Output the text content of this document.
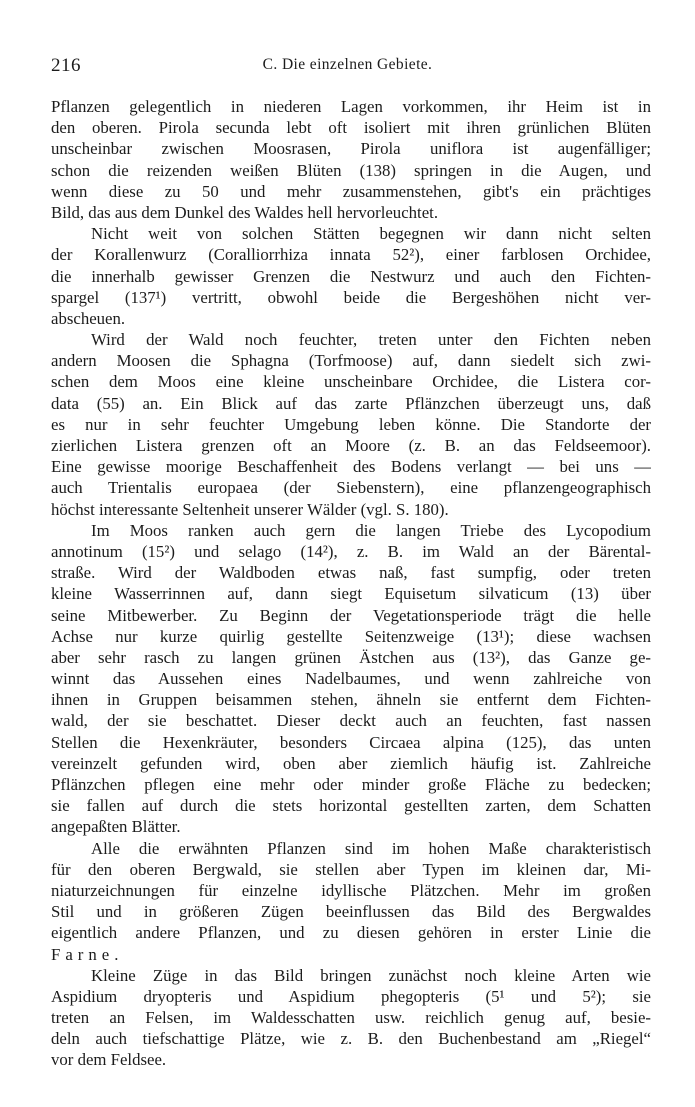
216	C. Die einzelnen Gebiete.
Pflanzen gelegentlich in niederen Lagen vorkommen, ihr Heim ist in
den oberen. Pirola secunda lebt oft isoliert mit ihren grünlichen Blüten
unscheinbar zwischen Moosrasen, Pirola uniflora ist augenfälliger;
schon die reizenden weißen Blüten (138) springen in die Augen, und
wenn diese zu 50 und mehr zusammenstehen, gibt's ein prächtiges
Bild, das aus dem Dunkel des Waldes hell hervorleuchtet.
Nicht weit von solchen Stätten begegnen wir dann nicht selten
der Korallenwurz (Coralliorrhiza innata 52²), einer farblosen Orchidee,
die innerhalb gewisser Grenzen die Nestwurz und auch den Fichten-
spargel (137¹) vertritt, obwohl beide die Bergeshöhen nicht ver-
abscheuen.
Wird der Wald noch feuchter, treten unter den Fichten neben
andern Moosen die Sphagna (Torfmoose) auf, dann siedelt sich zwi-
schen dem Moos eine kleine unscheinbare Orchidee, die Listera cor-
data (55) an. Ein Blick auf das zarte Pflänzchen überzeugt uns, daß
es nur in sehr feuchter Umgebung leben könne. Die Standorte der
zierlichen Listera grenzen oft an Moore (z. B. an das Feldseemoor).
Eine gewisse moorige Beschaffenheit des Bodens verlangt — bei uns —
auch Trientalis europaea (der Siebenstern), eine pflanzengeographisch
höchst interessante Seltenheit unserer Wälder (vgl. S. 180).
Im Moos ranken auch gern die langen Triebe des Lycopodium
annotinum (15²) und selago (14²), z. B. im Wald an der Bärental-
straße. Wird der Waldboden etwas naß, fast sumpfig, oder treten
kleine Wasserrinnen auf, dann siegt Equisetum silvaticum (13) über
seine Mitbewerber. Zu Beginn der Vegetationsperiode trägt die helle
Achse nur kurze quirlig gestellte Seitenzweige (13¹); diese wachsen
aber sehr rasch zu langen grünen Ästchen aus (13²), das Ganze ge-
winnt das Aussehen eines Nadelbaumes, und wenn zahlreiche von
ihnen in Gruppen beisammen stehen, ähneln sie entfernt dem Fichten-
wald, der sie beschattet. Dieser deckt auch an feuchten, fast nassen
Stellen die Hexenkräuter, besonders Circaea alpina (125), das unten
vereinzelt gefunden wird, oben aber ziemlich häufig ist. Zahlreiche
Pflänzchen pflegen eine mehr oder minder große Fläche zu bedecken;
sie fallen auf durch die stets horizontal gestellten zarten, dem Schatten
angepaßten Blätter.
Alle die erwähnten Pflanzen sind im hohen Maße charakteristisch
für den oberen Bergwald, sie stellen aber Typen im kleinen dar, Mi-
niaturzeichnungen für einzelne idyllische Plätzchen. Mehr im großen
Stil und in größeren Zügen beeinflussen das Bild des Bergwaldes
eigentlich andere Pflanzen, und zu diesen gehören in erster Linie die
Farne.
Kleine Züge in das Bild bringen zunächst noch kleine Arten wie
Aspidium dryopteris und Aspidium phegopteris (5¹ und 5²); sie
treten an Felsen, im Waldesschatten usw. reichlich genug auf, besie-
deln auch tiefschattige Plätze, wie z. B. den Buchenbestand am „Riegel“
vor dem Feldsee.
